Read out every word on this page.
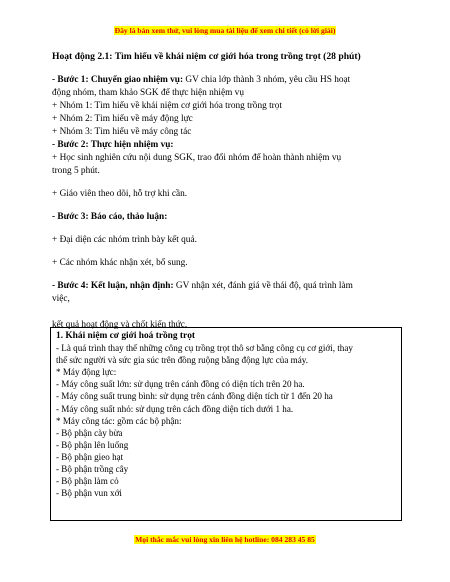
Đây là bản xem thử, vui lòng mua tài liệu để xem chi tiết (có lời giải)

Hoạt động 2.1: Tìm hiểu về khái niệm cơ giới hóa trong trồng trọt (28 phút)

- Bước 1: Chuyển giao nhiệm vụ: GV chia lớp thành 3 nhóm, yêu cầu HS hoạt

động nhóm, tham khảo SGK để thực hiện nhiệm vụ

+ Nhóm 1: Tìm hiểu về khái niệm cơ giới hóa trong trồng trọt

+ Nhóm 2: Tìm hiểu về máy động lực

+ Nhóm 3: Tìm hiểu về máy công tác

- Bước 2: Thực hiện nhiệm vụ:

+ Học sinh nghiên cứu nội dung SGK, trao đổi nhóm để hoàn thành nhiệm vụ

trong 5 phút.

+ Giáo viên theo dõi, hỗ trợ khi cần.

- Bước 3: Báo cáo, thảo luận:

+ Đại diện các nhóm trình bày kết quả.

+ Các nhóm khác nhận xét, bổ sung.

- Bước 4: Kết luận, nhận định: GV nhận xét, đánh giá về thái độ, quá trình làm

việc,

kết quả hoạt động và chốt kiến thức.

1. Khái niệm cơ giới hoá trồng trọt

- Là quá trình thay thế những công cụ trồng trọt thô sơ bằng công cụ cơ giới, thay

thế sức người và sức gia súc trên đồng ruộng bằng động lực của máy.

* Máy động lực:

- Máy công suất lớn: sử dụng trên cánh đồng có diện tích trên 20 ha.

- Máy công suất trung bình: sử dụng trên cánh đồng diện tích từ 1 đến 20 ha

- Máy công suất nhỏ: sử dụng trên cách đồng diện tích dưới 1 ha.

* Máy công tác: gồm các bộ phận:

- Bộ phận cày bừa

- Bộ phận lên luống

- Bộ phận gieo hạt

- Bộ phận trồng cây

- Bộ phận làm cỏ

- Bộ phận vun xới

Mọi thắc mắc vui lòng xin liên hệ hotline: 084 283 45 85
